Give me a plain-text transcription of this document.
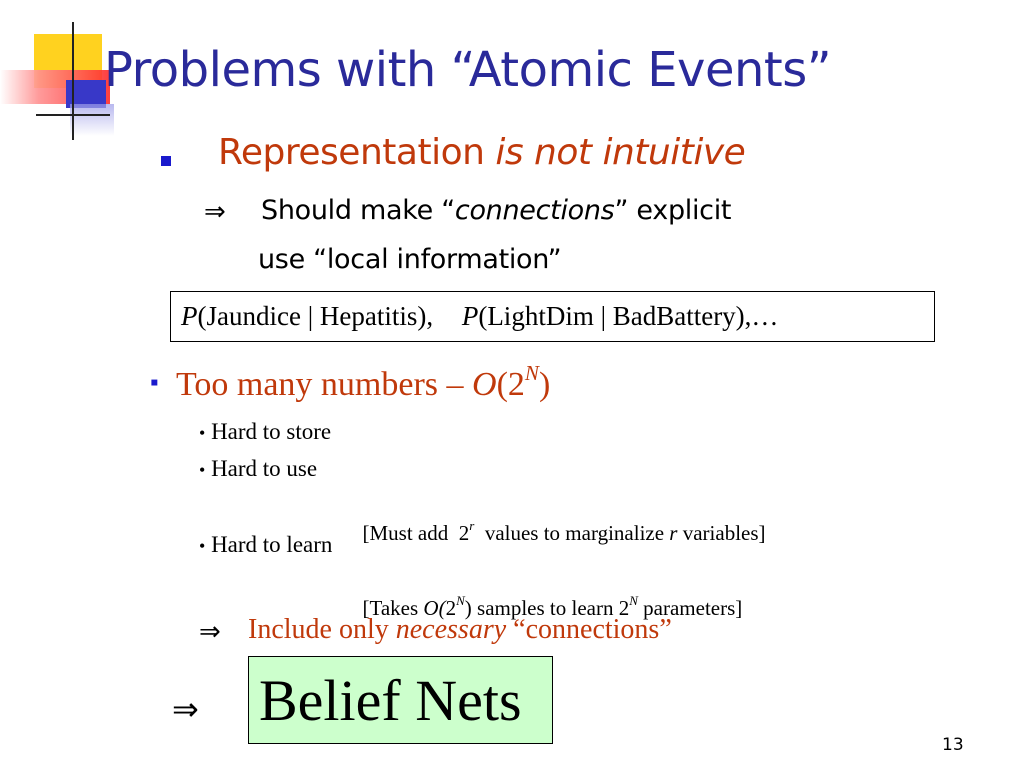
Problems with “Atomic Events”
Representation is not intuitive
⇒ Should make “connections” explicit
use “local information”
P(Jaundice | Hepatitis), P(LightDim | BadBattery),…
▪ Too many numbers – $O(2^N)$
• Hard to store
• Hard to use

[Must add  2$^r$  values to marginalize r variables]

• Hard to learn

[Takes $O(2^N)$ samples to learn $2^N$ parameters]

⇒ Include only necessary “connections”
⇒ Belief Nets
13
